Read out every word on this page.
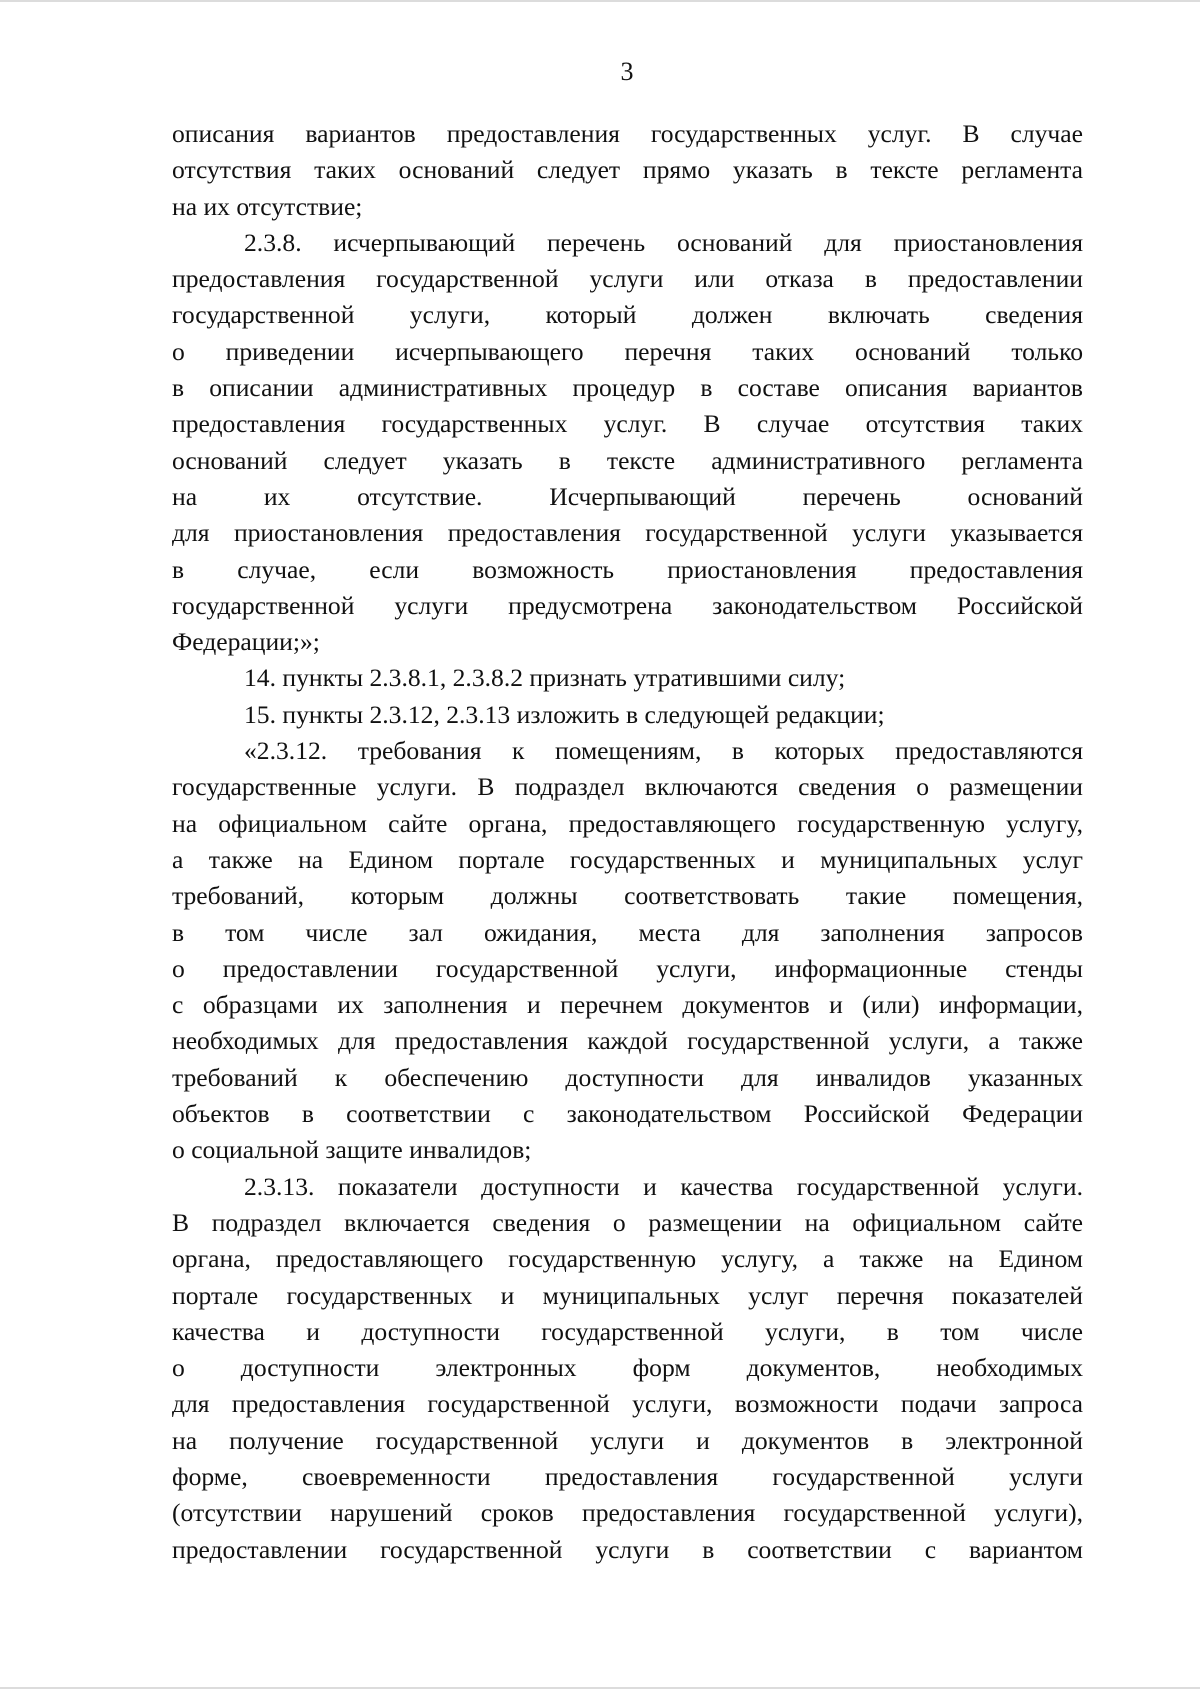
3
описания вариантов предоставления государственных услуг. В случае
отсутствия таких оснований следует прямо указать в тексте регламента
на их отсутствие;
2.3.8. исчерпывающий перечень оснований для приостановления
предоставления государственной услуги или отказа в предоставлении
государственной услуги, который должен включать сведения
о приведении исчерпывающего перечня таких оснований только
в описании административных процедур в составе описания вариантов
предоставления государственных услуг. В случае отсутствия таких
оснований следует указать в тексте административного регламента
на их отсутствие. Исчерпывающий перечень оснований
для приостановления предоставления государственной услуги указывается
в случае, если возможность приостановления предоставления
государственной услуги предусмотрена законодательством Российской
Федерации;»;
14. пункты 2.3.8.1, 2.3.8.2 признать утратившими силу;
15. пункты 2.3.12, 2.3.13 изложить в следующей редакции;
«2.3.12. требования к помещениям, в которых предоставляются
государственные услуги. В подраздел включаются сведения о размещении
на официальном сайте органа, предоставляющего государственную услугу,
а также на Едином портале государственных и муниципальных услуг
требований, которым должны соответствовать такие помещения,
в том числе зал ожидания, места для заполнения запросов
о предоставлении государственной услуги, информационные стенды
с образцами их заполнения и перечнем документов и (или) информации,
необходимых для предоставления каждой государственной услуги, а также
требований к обеспечению доступности для инвалидов указанных
объектов в соответствии с законодательством Российской Федерации
о социальной защите инвалидов;
2.3.13. показатели доступности и качества государственной услуги.
В подраздел включается сведения о размещении на официальном сайте
органа, предоставляющего государственную услугу, а также на Едином
портале государственных и муниципальных услуг перечня показателей
качества и доступности государственной услуги, в том числе
о доступности электронных форм документов, необходимых
для предоставления государственной услуги, возможности подачи запроса
на получение государственной услуги и документов в электронной
форме, своевременности предоставления государственной услуги
(отсутствии нарушений сроков предоставления государственной услуги),
предоставлении государственной услуги в соответствии с вариантом
